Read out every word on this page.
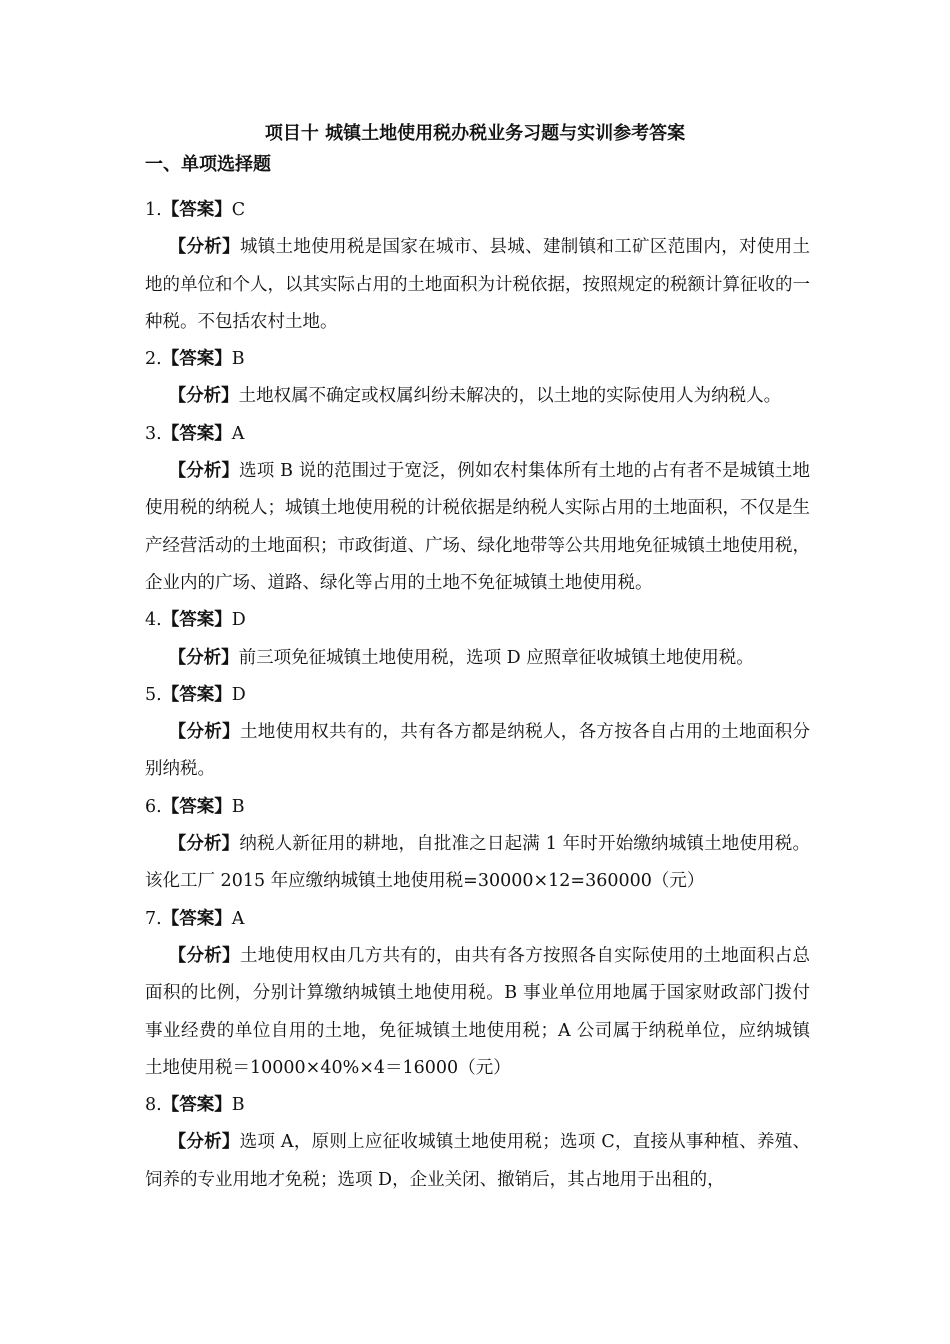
项目十 城镇土地使用税办税业务习题与实训参考答案
一、单项选择题

1.【答案】C

【分析】城镇土地使用税是国家在城市、县城、建制镇和工矿区范围内，对使用土地的单位和个人，以其实际占用的土地面积为计税依据，按照规定的税额计算征收的一种税。不包括农村土地。

2.【答案】B

【分析】土地权属不确定或权属纠纷未解决的，以土地的实际使用人为纳税人。

3.【答案】A

【分析】选项 B 说的范围过于宽泛，例如农村集体所有土地的占有者不是城镇土地使用税的纳税人；城镇土地使用税的计税依据是纳税人实际占用的土地面积，不仅是生产经营活动的土地面积；市政街道、广场、绿化地带等公共用地免征城镇土地使用税，企业内的广场、道路、绿化等占用的土地不免征城镇土地使用税。

4.【答案】D

【分析】前三项免征城镇土地使用税，选项 D 应照章征收城镇土地使用税。

5.【答案】D

【分析】土地使用权共有的，共有各方都是纳税人，各方按各自占用的土地面积分别纳税。

6.【答案】B

【分析】纳税人新征用的耕地，自批准之日起满 1 年时开始缴纳城镇土地使用税。该化工厂 2015 年应缴纳城镇土地使用税=30000×12=360000（元）

7.【答案】A

【分析】土地使用权由几方共有的，由共有各方按照各自实际使用的土地面积占总面积的比例，分别计算缴纳城镇土地使用税。B 事业单位用地属于国家财政部门拨付事业经费的单位自用的土地，免征城镇土地使用税；A 公司属于纳税单位，应纳城镇土地使用税＝10000×40%×4＝16000（元）

8.【答案】B

【分析】选项 A，原则上应征收城镇土地使用税；选项 C，直接从事种植、养殖、饲养的专业用地才免税；选项 D，企业关闭、撤销后，其占地用于出租的，
